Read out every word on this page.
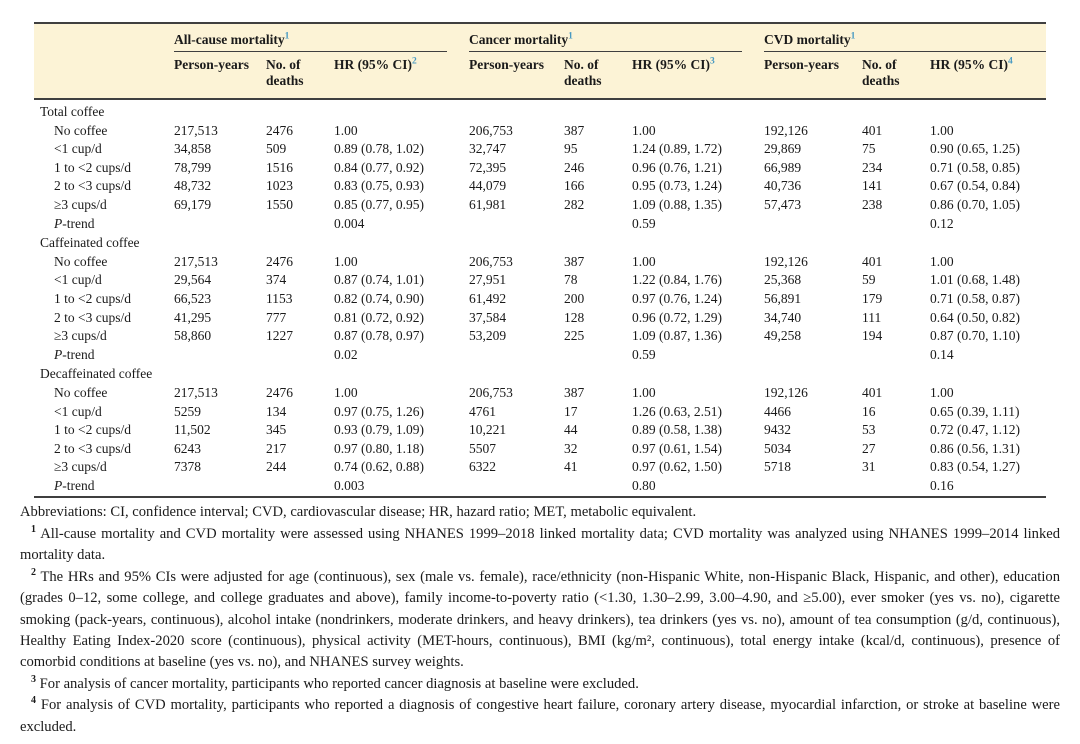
	All-cause mortality$^1$			Cancer mortality$^1$			CVD mortality$^1$

	Person-years	No. of deaths	HR (95% CI)$^2$	Person-years	No. of deaths	HR (95% CI)$^3$	Person-years	No. of deaths	HR (95% CI)$^4$
Total coffee									
No coffee	217,513	2476	1.00	206,753	387	1.00	192,126	401	1.00
<1 cup/d	34,858	509	0.89 (0.78, 1.02)	32,747	95	1.24 (0.89, 1.72)	29,869	75	0.90 (0.65, 1.25)
1 to <2 cups/d	78,799	1516	0.84 (0.77, 0.92)	72,395	246	0.96 (0.76, 1.21)	66,989	234	0.71 (0.58, 0.85)
2 to <3 cups/d	48,732	1023	0.83 (0.75, 0.93)	44,079	166	0.95 (0.73, 1.24)	40,736	141	0.67 (0.54, 0.84)
≥3 cups/d	69,179	1550	0.85 (0.77, 0.95)	61,981	282	1.09 (0.88, 1.35)	57,473	238	0.86 (0.70, 1.05)
P-trend			0.004			0.59			0.12
Caffeinated coffee									
No coffee	217,513	2476	1.00	206,753	387	1.00	192,126	401	1.00
<1 cup/d	29,564	374	0.87 (0.74, 1.01)	27,951	78	1.22 (0.84, 1.76)	25,368	59	1.01 (0.68, 1.48)
1 to <2 cups/d	66,523	1153	0.82 (0.74, 0.90)	61,492	200	0.97 (0.76, 1.24)	56,891	179	0.71 (0.58, 0.87)
2 to <3 cups/d	41,295	777	0.81 (0.72, 0.92)	37,584	128	0.96 (0.72, 1.29)	34,740	111	0.64 (0.50, 0.82)
≥3 cups/d	58,860	1227	0.87 (0.78, 0.97)	53,209	225	1.09 (0.87, 1.36)	49,258	194	0.87 (0.70, 1.10)
P-trend			0.02			0.59			0.14
Decaffeinated coffee									
No coffee	217,513	2476	1.00	206,753	387	1.00	192,126	401	1.00
<1 cup/d	5259	134	0.97 (0.75, 1.26)	4761	17	1.26 (0.63, 2.51)	4466	16	0.65 (0.39, 1.11)
1 to <2 cups/d	11,502	345	0.93 (0.79, 1.09)	10,221	44	0.89 (0.58, 1.38)	9432	53	0.72 (0.47, 1.12)
2 to <3 cups/d	6243	217	0.97 (0.80, 1.18)	5507	32	0.97 (0.61, 1.54)	5034	27	0.86 (0.56, 1.31)
≥3 cups/d	7378	244	0.74 (0.62, 0.88)	6322	41	0.97 (0.62, 1.50)	5718	31	0.83 (0.54, 1.27)
P-trend			0.003			0.80			0.16

Abbreviations: CI, confidence interval; CVD, cardiovascular disease; HR, hazard ratio; MET, metabolic equivalent.

$^1$ All-cause mortality and CVD mortality were assessed using NHANES 1999–2018 linked mortality data; CVD mortality was analyzed using NHANES 1999–2014 linked mortality data.

$^2$ The HRs and 95% CIs were adjusted for age (continuous), sex (male vs. female), race/ethnicity (non-Hispanic White, non-Hispanic Black, Hispanic, and other), education (grades 0–12, some college, and college graduates and above), family income-to-poverty ratio (<1.30, 1.30–2.99, 3.00–4.90, and ≥5.00), ever smoker (yes vs. no), cigarette smoking (pack-years, continuous), alcohol intake (nondrinkers, moderate drinkers, and heavy drinkers), tea drinkers (yes vs. no), amount of tea consumption (g/d, continuous), Healthy Eating Index-2020 score (continuous), physical activity (MET-hours, continuous), BMI (kg/m², continuous), total energy intake (kcal/d, continuous), presence of comorbid conditions at baseline (yes vs. no), and NHANES survey weights.

$^3$ For analysis of cancer mortality, participants who reported cancer diagnosis at baseline were excluded.

$^4$ For analysis of CVD mortality, participants who reported a diagnosis of congestive heart failure, coronary artery disease, myocardial infarction, or stroke at baseline were excluded.
